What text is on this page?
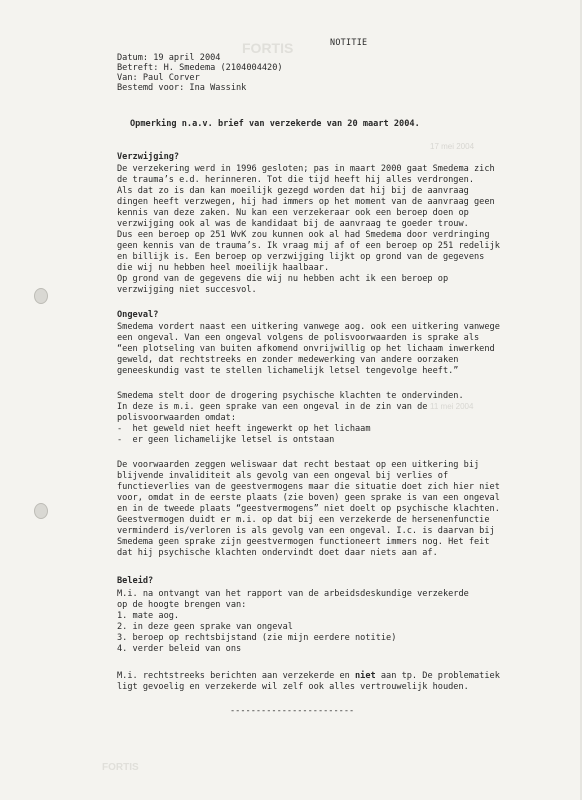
FORTIS
17 mei 2004
11 mei 2004
FORTIS
NOTITIE
Datum: 19 april 2004
Betreft: H. Smedema (2104004420)
Van: Paul Corver
Bestemd voor: Ina Wassink
Opmerking n.a.v. brief van verzekerde van 20 maart 2004.
Verzwijging?
De verzekering werd in 1996 gesloten; pas in maart 2000 gaat Smedema zich
de trauma’s e.d. herinneren. Tot die tijd heeft hij alles verdrongen.
Als dat zo is dan kan moeilijk gezegd worden dat hij bij de aanvraag
dingen heeft verzwegen, hij had immers op het moment van de aanvraag geen
kennis van deze zaken. Nu kan een verzekeraar ook een beroep doen op
verzwijging ook al was de kandidaat bij de aanvraag te goeder trouw.
Dus een beroep op 251 WvK zou kunnen ook al had Smedema door verdringing
geen kennis van de trauma’s. Ik vraag mij af of een beroep op 251 redelijk
en billijk is. Een beroep op verzwijging lijkt op grond van de gegevens
die wij nu hebben heel moeilijk haalbaar.
Op grond van de gegevens die wij nu hebben acht ik een beroep op
verzwijging niet succesvol.
Ongeval?
Smedema vordert naast een uitkering vanwege aog. ook een uitkering vanwege
een ongeval. Van een ongeval volgens de polisvoorwaarden is sprake als
“een plotseling van buiten afkomend onvrijwillig op het lichaam inwerkend
geweld, dat rechtstreeks en zonder medewerking van andere oorzaken
geneeskundig vast te stellen lichamelijk letsel tengevolge heeft.”
Smedema stelt door de drogering psychische klachten te ondervinden.
In deze is m.i. geen sprake van een ongeval in de zin van de
polisvoorwaarden omdat:
-  het geweld niet heeft ingewerkt op het lichaam
-  er geen lichamelijke letsel is ontstaan
De voorwaarden zeggen weliswaar dat recht bestaat op een uitkering bij
blijvende invaliditeit als gevolg van een ongeval bij verlies of
functieverlies van de geestvermogens maar die situatie doet zich hier niet
voor, omdat in de eerste plaats (zie boven) geen sprake is van een ongeval
en in de tweede plaats “geestvermogens” niet doelt op psychische klachten.
Geestvermogen duidt er m.i. op dat bij een verzekerde de hersenenfunctie
verminderd is/verloren is als gevolg van een ongeval. I.c. is daarvan bij
Smedema geen sprake zijn geestvermogen functioneert immers nog. Het feit
dat hij psychische klachten ondervindt doet daar niets aan af.
Beleid?
M.i. na ontvangt van het rapport van de arbeidsdeskundige verzekerde
op de hoogte brengen van:
1. mate aog.
2. in deze geen sprake van ongeval
3. beroep op rechtsbijstand (zie mijn eerdere notitie)
4. verder beleid van ons
M.i. rechtstreeks berichten aan verzekerde en niet aan tp. De problematiek
ligt gevoelig en verzekerde wil zelf ook alles vertrouwelijk houden.
------------------------
